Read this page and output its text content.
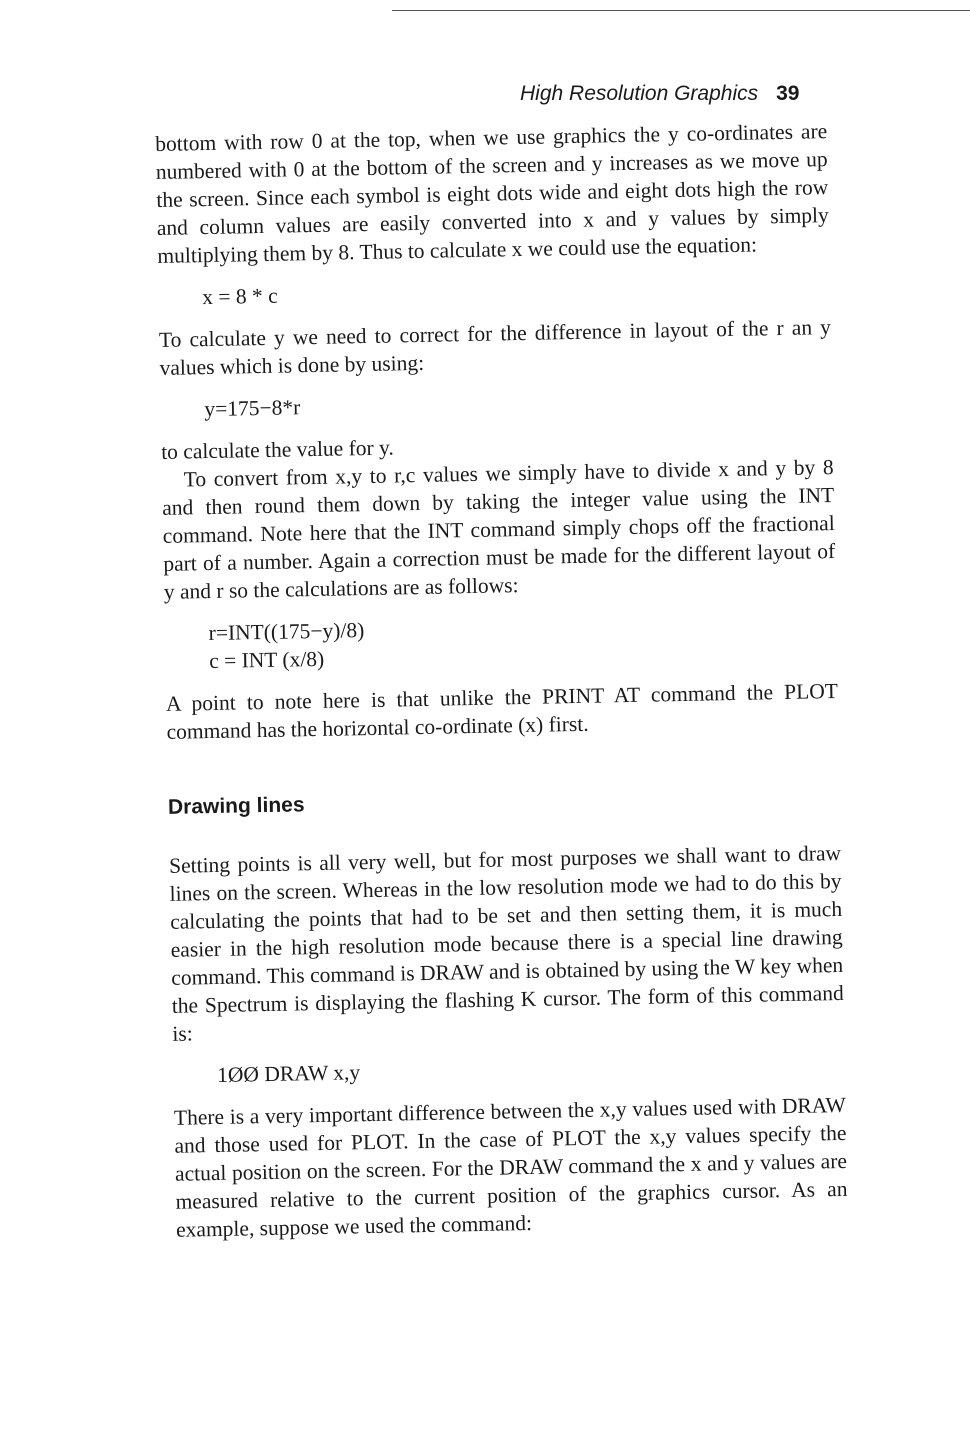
High Resolution Graphics 39

bottom with row 0 at the top, when we use graphics the y co-ordinates are numbered with 0 at the bottom of the screen and y increases as we move up the screen. Since each symbol is eight dots wide and eight dots high the row and column values are easily converted into x and y values by simply multiplying them by 8. Thus to calculate x we could use the equation:

x = 8 * c

To calculate y we need to correct for the difference in layout of the r an y values which is done by using:

y=175−8*r

to calculate the value for y.

To convert from x,y to r,c values we simply have to divide x and y by 8 and then round them down by taking the integer value using the INT command. Note here that the INT command simply chops off the fractional part of a number. Again a correction must be made for the different layout of y and r so the calculations are as follows:

r=INT((175−y)/8)
c = INT (x/8)

A point to note here is that unlike the PRINT AT command the PLOT command has the horizontal co-ordinate (x) first.

Drawing lines

Setting points is all very well, but for most purposes we shall want to draw lines on the screen. Whereas in the low resolution mode we had to do this by calculating the points that had to be set and then setting them, it is much easier in the high resolution mode because there is a special line drawing command. This command is DRAW and is obtained by using the W key when the Spectrum is displaying the flashing K cursor. The form of this command is:

1ØØ DRAW x,y

There is a very important difference between the x,y values used with DRAW and those used for PLOT. In the case of PLOT the x,y values specify the actual position on the screen. For the DRAW command the x and y values are measured relative to the current position of the graphics cursor. As an example, suppose we used the command:
